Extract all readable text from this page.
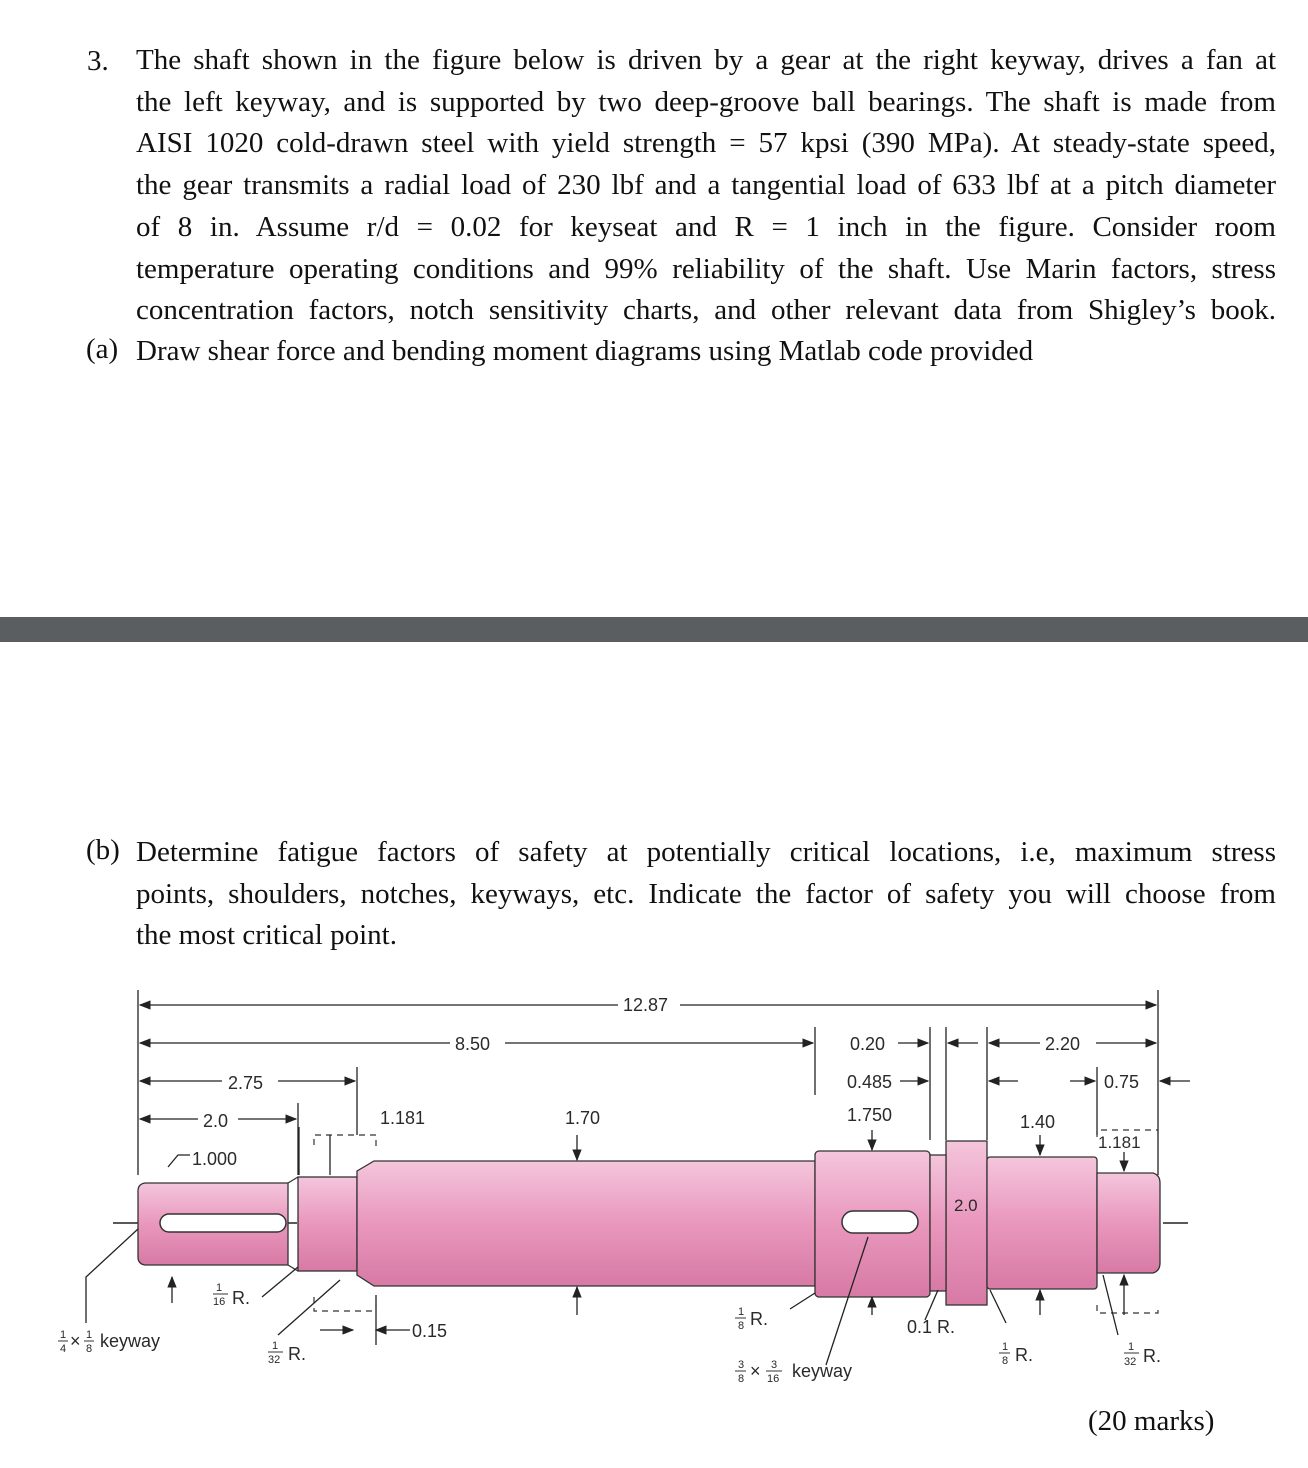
3. The shaft shown in the figure below is driven by a gear at the right keyway, drives a fan at
the left keyway, and is supported by two deep-groove ball bearings. The shaft is made from
AISI 1020 cold-drawn steel with yield strength = 57 kpsi (390 MPa). At steady-state speed,
the gear transmits a radial load of 230 lbf and a tangential load of 633 lbf at a pitch diameter
of 8 in. Assume r/d = 0.02 for keyseat and R = 1 inch in the figure. Consider room
temperature operating conditions and 99% reliability of the shaft. Use Marin factors, stress
concentration factors, notch sensitivity charts, and other relevant data from Shigley’s book.
(a) Draw shear force and bending moment diagrams using Matlab code provided
(b) Determine fatigue factors of safety at potentially critical locations, i.e, maximum stress
points, shoulders, notches, keyways, etc. Indicate the factor of safety you will choose from
the most critical point.
12.87
8.50
2.75
2.0
1.000
1.181	1.70
0.20
0.485
1.750
2.20
0.75
1.40
1.181
2.0
0.15
1
4 × 1
8 keyway
1
16 R.
1
32 R.
1
8 R.
3
8 × 3
16 keyway
0.1 R.
1
8 R.	1
32 R.
(20 marks)
